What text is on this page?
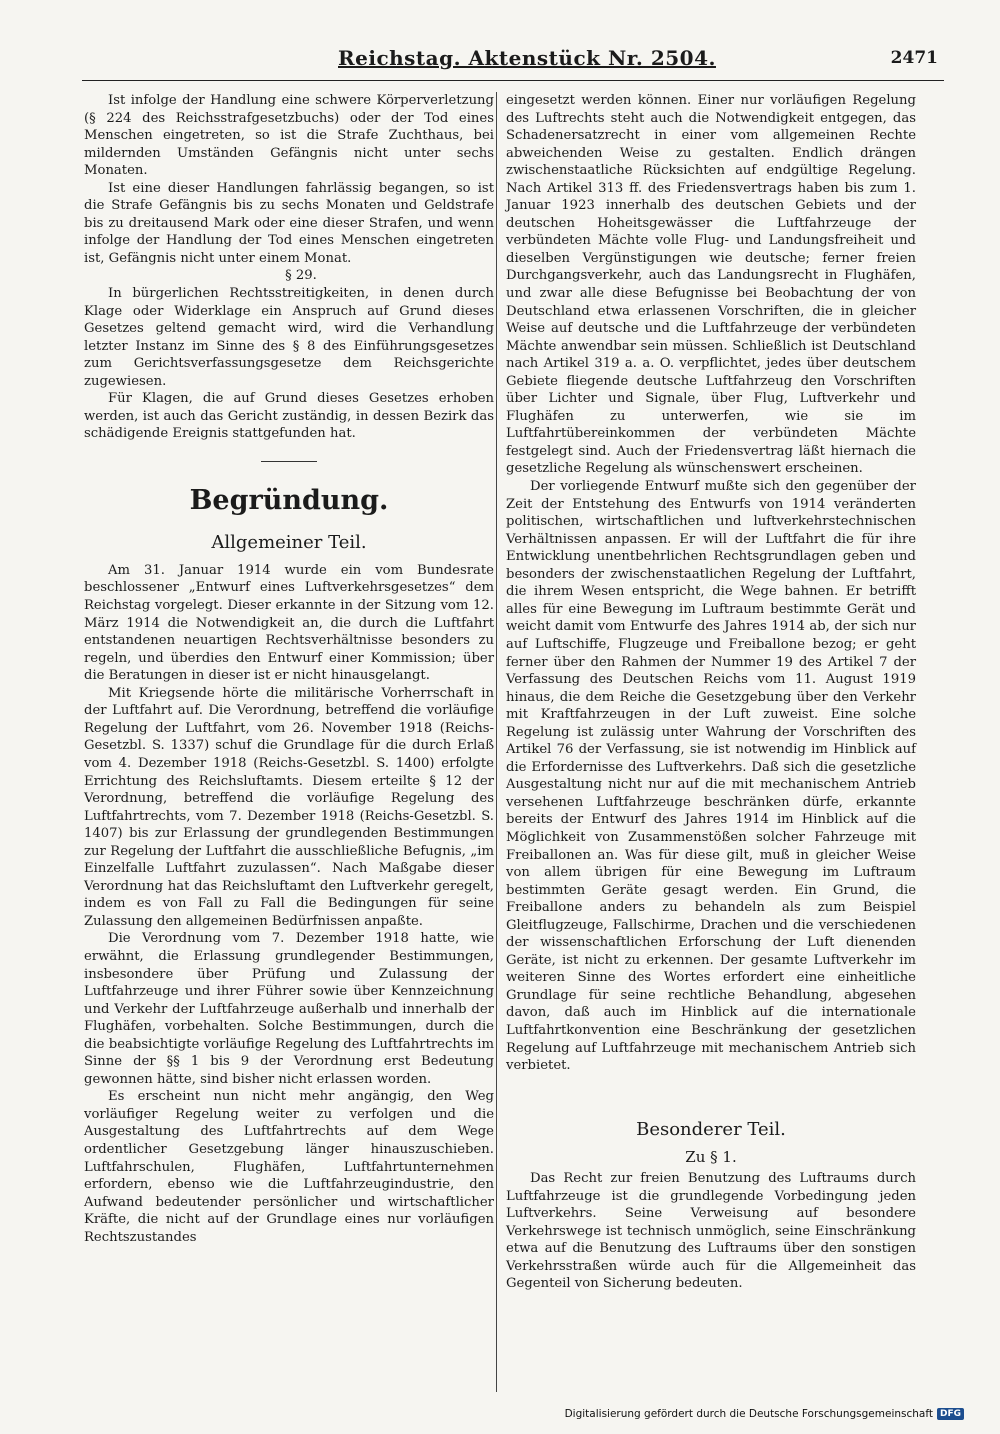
Reichstag. Aktenstück Nr. 2504.	2471

Ist infolge der Handlung eine schwere Körperverletzung (§ 224 des Reichsstrafgesetzbuchs) oder der Tod eines Menschen eingetreten, so ist die Strafe Zuchthaus, bei mildernden Umständen Gefängnis nicht unter sechs Monaten.

Ist eine dieser Handlungen fahrlässig begangen, so ist die Strafe Gefängnis bis zu sechs Monaten und Geldstrafe bis zu dreitausend Mark oder eine dieser Strafen, und wenn infolge der Handlung der Tod eines Menschen eingetreten ist, Gefängnis nicht unter einem Monat.

§ 29.

In bürgerlichen Rechtsstreitigkeiten, in denen durch Klage oder Widerklage ein Anspruch auf Grund dieses Gesetzes geltend gemacht wird, wird die Verhandlung letzter Instanz im Sinne des § 8 des Einführungsgesetzes zum Gerichtsverfassungsgesetze dem Reichsgerichte zugewiesen.

Für Klagen, die auf Grund dieses Gesetzes erhoben werden, ist auch das Gericht zuständig, in dessen Bezirk das schädigende Ereignis stattgefunden hat.

Begründung.
Allgemeiner Teil.

Am 31. Januar 1914 wurde ein vom Bundesrate beschlossener „Entwurf eines Luftverkehrsgesetzes“ dem Reichstag vorgelegt. Dieser erkannte in der Sitzung vom 12. März 1914 die Notwendigkeit an, die durch die Luftfahrt entstandenen neuartigen Rechtsverhältnisse besonders zu regeln, und überdies den Entwurf einer Kommission; über die Beratungen in dieser ist er nicht hinausgelangt.

Mit Kriegsende hörte die militärische Vorherrschaft in der Luftfahrt auf. Die Verordnung, betreffend die vorläufige Regelung der Luftfahrt, vom 26. November 1918 (Reichs-Gesetzbl. S. 1337) schuf die Grundlage für die durch Erlaß vom 4. Dezember 1918 (Reichs-Gesetzbl. S. 1400) erfolgte Errichtung des Reichsluftamts. Diesem erteilte § 12 der Verordnung, betreffend die vorläufige Regelung des Luftfahrtrechts, vom 7. Dezember 1918 (Reichs-Gesetzbl. S. 1407) bis zur Erlassung der grundlegenden Bestimmungen zur Regelung der Luftfahrt die ausschließliche Befugnis, „im Einzelfalle Luftfahrt zuzulassen“. Nach Maßgabe dieser Verordnung hat das Reichsluftamt den Luftverkehr geregelt, indem es von Fall zu Fall die Bedingungen für seine Zulassung den allgemeinen Bedürfnissen anpaßte.

Die Verordnung vom 7. Dezember 1918 hatte, wie erwähnt, die Erlassung grundlegender Bestimmungen, insbesondere über Prüfung und Zulassung der Luftfahrzeuge und ihrer Führer sowie über Kennzeichnung und Verkehr der Luftfahrzeuge außerhalb und innerhalb der Flughäfen, vorbehalten. Solche Bestimmungen, durch die die beabsichtigte vorläufige Regelung des Luftfahrtrechts im Sinne der §§ 1 bis 9 der Verordnung erst Bedeutung gewonnen hätte, sind bisher nicht erlassen worden.

Es erscheint nun nicht mehr angängig, den Weg vorläufiger Regelung weiter zu verfolgen und die Ausgestaltung des Luftfahrtrechts auf dem Wege ordentlicher Gesetzgebung länger hinauszuschieben. Luftfahrschulen, Flughäfen, Luftfahrtunternehmen erfordern, ebenso wie die Luftfahrzeugindustrie, den Aufwand bedeutender persönlicher und wirtschaftlicher Kräfte, die nicht auf der Grundlage eines nur vorläufigen Rechtszustandes

eingesetzt werden können. Einer nur vorläufigen Regelung des Luftrechts steht auch die Notwendigkeit entgegen, das Schadenersatzrecht in einer vom allgemeinen Rechte abweichenden Weise zu gestalten. Endlich drängen zwischenstaatliche Rücksichten auf endgültige Regelung. Nach Artikel 313 ff. des Friedensvertrags haben bis zum 1. Januar 1923 innerhalb des deutschen Gebiets und der deutschen Hoheitsgewässer die Luftfahrzeuge der verbündeten Mächte volle Flug- und Landungsfreiheit und dieselben Vergünstigungen wie deutsche; ferner freien Durchgangsverkehr, auch das Landungsrecht in Flughäfen, und zwar alle diese Befugnisse bei Beobachtung der von Deutschland etwa erlassenen Vorschriften, die in gleicher Weise auf deutsche und die Luftfahrzeuge der verbündeten Mächte anwendbar sein müssen. Schließlich ist Deutschland nach Artikel 319 a. a. O. verpflichtet, jedes über deutschem Gebiete fliegende deutsche Luftfahrzeug den Vorschriften über Lichter und Signale, über Flug, Luftverkehr und Flughäfen zu unterwerfen, wie sie im Luftfahrtübereinkommen der verbündeten Mächte festgelegt sind. Auch der Friedensvertrag läßt hiernach die gesetzliche Regelung als wünschenswert erscheinen.

Der vorliegende Entwurf mußte sich den gegenüber der Zeit der Entstehung des Entwurfs von 1914 veränderten politischen, wirtschaftlichen und luftverkehrstechnischen Verhältnissen anpassen. Er will der Luftfahrt die für ihre Entwicklung unentbehrlichen Rechtsgrundlagen geben und besonders der zwischenstaatlichen Regelung der Luftfahrt, die ihrem Wesen entspricht, die Wege bahnen. Er betrifft alles für eine Bewegung im Luftraum bestimmte Gerät und weicht damit vom Entwurfe des Jahres 1914 ab, der sich nur auf Luftschiffe, Flugzeuge und Freiballone bezog; er geht ferner über den Rahmen der Nummer 19 des Artikel 7 der Verfassung des Deutschen Reichs vom 11. August 1919 hinaus, die dem Reiche die Gesetzgebung über den Verkehr mit Kraftfahrzeugen in der Luft zuweist. Eine solche Regelung ist zulässig unter Wahrung der Vorschriften des Artikel 76 der Verfassung, sie ist notwendig im Hinblick auf die Erfordernisse des Luftverkehrs. Daß sich die gesetzliche Ausgestaltung nicht nur auf die mit mechanischem Antrieb versehenen Luftfahrzeuge beschränken dürfe, erkannte bereits der Entwurf des Jahres 1914 im Hinblick auf die Möglichkeit von Zusammenstößen solcher Fahrzeuge mit Freiballonen an. Was für diese gilt, muß in gleicher Weise von allem übrigen für eine Bewegung im Luftraum bestimmten Geräte gesagt werden. Ein Grund, die Freiballone anders zu behandeln als zum Beispiel Gleitflugzeuge, Fallschirme, Drachen und die verschiedenen der wissenschaftlichen Erforschung der Luft dienenden Geräte, ist nicht zu erkennen. Der gesamte Luftverkehr im weiteren Sinne des Wortes erfordert eine einheitliche Grundlage für seine rechtliche Behandlung, abgesehen davon, daß auch im Hinblick auf die internationale Luftfahrtkonvention eine Beschränkung der gesetzlichen Regelung auf Luftfahrzeuge mit mechanischem Antrieb sich verbietet.

Besonderer Teil.
Zu § 1.

Das Recht zur freien Benutzung des Luftraums durch Luftfahrzeuge ist die grundlegende Vorbedingung jeden Luftverkehrs. Seine Verweisung auf besondere Verkehrswege ist technisch unmöglich, seine Einschränkung etwa auf die Benutzung des Luftraums über den sonstigen Verkehrsstraßen würde auch für die Allgemeinheit das Gegenteil von Sicherung bedeuten.

Digitalisierung gefördert durch die Deutsche Forschungsgemeinschaft DFG
